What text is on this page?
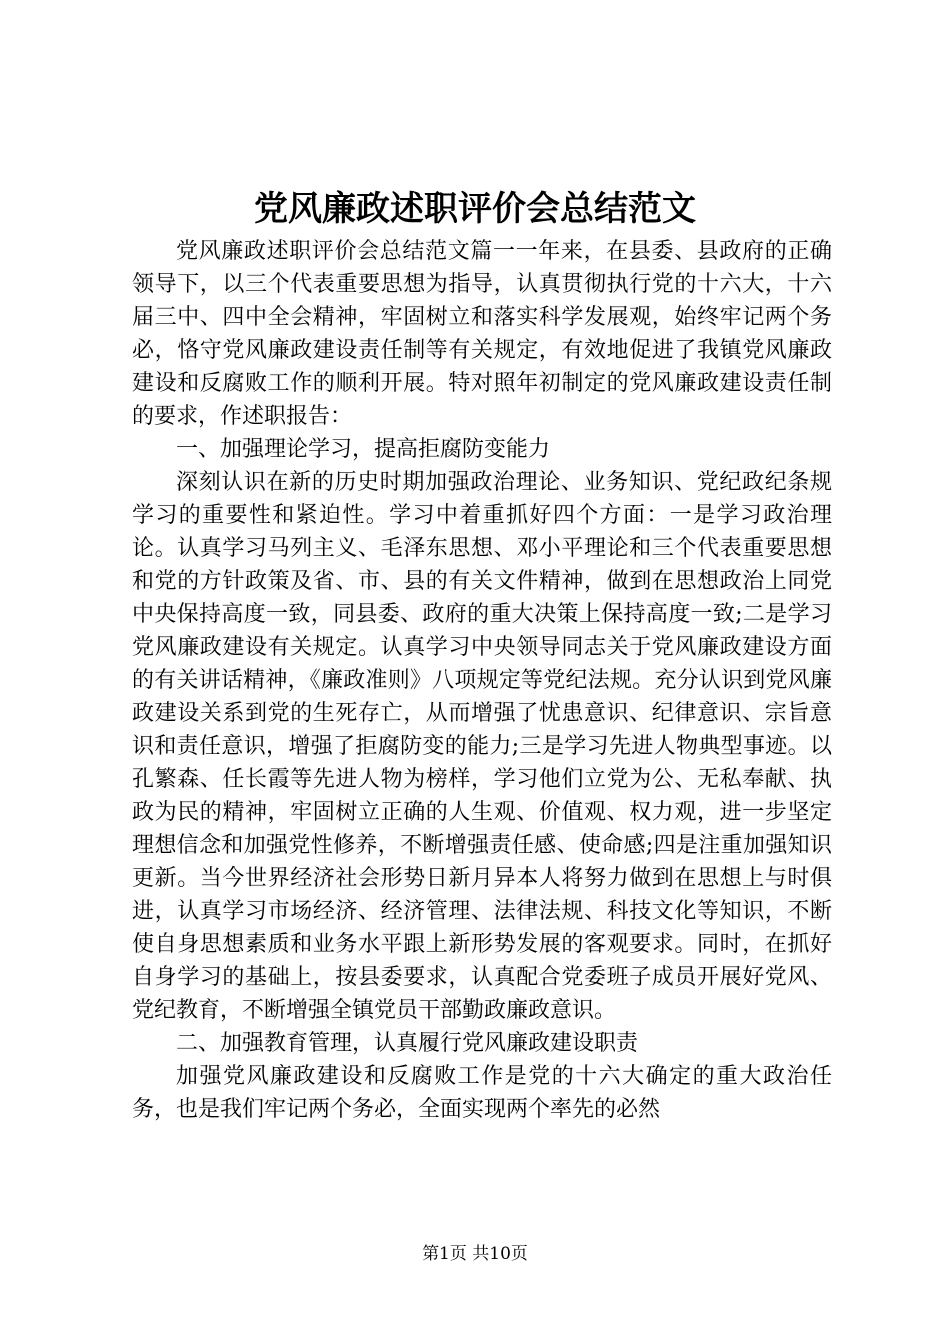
党风廉政述职评价会总结范文

党风廉政述职评价会总结范文篇一一年来，在县委、县政府的正确领导下，以三个代表重要思想为指导，认真贯彻执行党的十六大，十六届三中、四中全会精神，牢固树立和落实科学发展观，始终牢记两个务必，恪守党风廉政建设责任制等有关规定，有效地促进了我镇党风廉政建设和反腐败工作的顺利开展。特对照年初制定的党风廉政建设责任制的要求，作述职报告：

一、加强理论学习，提高拒腐防变能力

深刻认识在新的历史时期加强政治理论、业务知识、党纪政纪条规学习的重要性和紧迫性。学习中着重抓好四个方面：一是学习政治理论。认真学习马列主义、毛泽东思想、邓小平理论和三个代表重要思想和党的方针政策及省、市、县的有关文件精神，做到在思想政治上同党中央保持高度一致，同县委、政府的重大决策上保持高度一致;二是学习党风廉政建设有关规定。认真学习中央领导同志关于党风廉政建设方面的有关讲话精神，《廉政准则》八项规定等党纪法规。充分认识到党风廉政建设关系到党的生死存亡，从而增强了忧患意识、纪律意识、宗旨意识和责任意识，增强了拒腐防变的能力;三是学习先进人物典型事迹。以孔繁森、任长霞等先进人物为榜样，学习他们立党为公、无私奉献、执政为民的精神，牢固树立正确的人生观、价值观、权力观，进一步坚定理想信念和加强党性修养，不断增强责任感、使命感;四是注重加强知识更新。当今世界经济社会形势日新月异本人将努力做到在思想上与时俱进，认真学习市场经济、经济管理、法律法规、科技文化等知识，不断使自身思想素质和业务水平跟上新形势发展的客观要求。同时，在抓好自身学习的基础上，按县委要求，认真配合党委班子成员开展好党风、党纪教育，不断增强全镇党员干部勤政廉政意识。

二、加强教育管理，认真履行党风廉政建设职责

加强党风廉政建设和反腐败工作是党的十六大确定的重大政治任务，也是我们牢记两个务必，全面实现两个率先的必然

第1页 共10页
